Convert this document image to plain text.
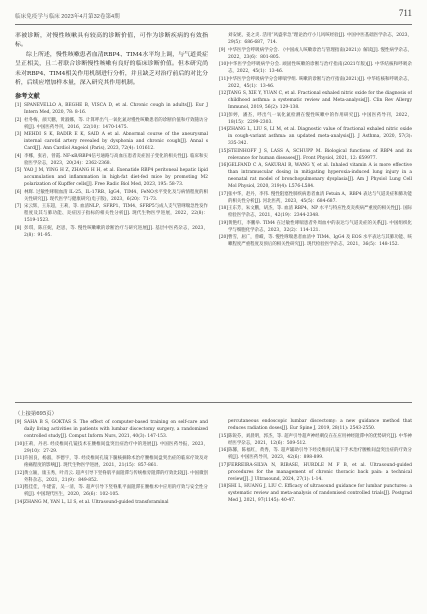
临床免疫学与临床 2023年4月第32卷第4期	711

率被诊断，对慢性咳嗽具有较高的诊断价值，可作为诊断疾病的有效指标。

综上所述，慢性咳嗽患者血清RBP4、TIM4水平均上调，与气道炎症呈正相关，且二者联合诊断慢性咳嗽有良好的临床诊断价值。但本研究尚未对RBP4、TIM4相关作用机制进行分析，并且缺乏对治疗前后的对比分析，后续应增加样本量，深入研究其作用机制。

参考文献

[1] SPANEVELLO A, BEGHE B, VISCA D, et al. Chronic cough in adults[J]. Eur J Intern Med, 2020, 78: 8-16.

[2] 杜冬梅，颜天鹏，黄淑娜，等. 计算呼出气一氧化氮对慢性咳嗽患者的诊断价值和疗效随访分析[J]. 中国医药导刊，2016，22(10)：1470-1475.

[3] MEHDI S K, BADIR E K, SAID A et al. Abnormal course of the aneurysmal internal carotid artery revealed by dysphonia and chronic cough[J]. Annal s Card[J]. Ann Cardiol Angeiol (Paris), 2023, 72(4): 101612.

[4] 李娜，张岩，曾霞. NF-κB/RBP4信号通路与高血压患者炎症因子变化的相关性[J]. 临床和实验医学杂志，2023，20(24)：2362-2368.

[5] YAO J M, YING H Z, ZHANG H H, et al. Exenatide RBP4 peritoneal hepatic lipid accumulation and inflammation in high-fat diet-fed mice by promoting M2 polarization of Kupffer cells[J]. Free Radic Biol Med, 2023, 195: 58-73.

[6] 林辉. 过敏性哮喘血清 IL-25、IL-17RB、IgG4、TIM4、FeNO水平变化及与病情程度的相关性研究[J]. 现代医学与健康研究(电子版)，2023，6(20)：71-73.

[7] 宋云辉，王东超，王莉，等. 血清NLP、SFRP1、TIM4、SFRP5与成人支气管哮喘急性发作程度及其与肺功能、炎症因子指标的相关性分析[J]. 现代生物医学进展，2022，22(8)：1519-1523.

[8] 彭琪，陈庄妮，赵思，等. 慢性咳嗽嗽的诊断治疗与研究进展[J]. 基层中医药杂志，2023，2(8)：91-95.

刘安妮，姜之炎. 活用“风盛挛急”理论治疗小儿风咳经验[J]. 中国中医基础医学杂志，2023，29(5)：686-687，714.

[9] 中华医学会呼吸病学分会. 《中国成人咳嗽诊治与管理指南(2021)》解读[J]. 慢性病学杂志，2022，23(6)：801-805.

[10]中华医学会呼吸病学分会. 顽固性咳嗽的诊断与治疗指南(2021年版)[J]. 中华结核和呼吸杂志，2022，45(1)：13-46.

[11]中华医学会呼吸病学分会哮喘学组. 咳嗽的诊断与治疗指南(2021)[J]. 中华结核和呼吸杂志，2022，45(1)：13-46.

[12]TANG S, XIE Y, YUAN C, et al. Fractional exhaled nitric oxide for the diagnosis of childhood asthma: a systematic review and Meta-analysis[J]. Clin Rev Allergy Immunol, 2019, 56(2): 129-138.

[13]彭婷，潘杰，呼出气一氧化氮检测在慢性咳嗽中的作用研究[J]. 中国医药导刊，2022，18(15)：2299-2303.

[14]ZHANG L, LIU S, LI M, et al. Diagnostic value of fractional exhaled nitric oxide in cough-variant asthma: an updated meta-analysis[J]. J Asthma, 2020, 57(3): 335-342.

[15]STEINHOFF J S, LASS A, SCHUPP M. Biological functions of RBP4 and its relevance for human diseases[J]. Front Physiol, 2021, 12: 659977.

[16]GELFAND C A, SAKURAI R, WANG Y, et al. Inhaled vitamin A is more effective than intramuscular dosing in mitigating hyperoxia-induced lung injury in a neonatal rat model of bronchopulmonary dysplasia[J]. Am J Physiol Lung Cell Mol Physiol, 2020, 319(4): L576-L584.

[17]张中华，赵丹，李伟. 慢性阻塞性肺疾病患者血清 Fetuin A、RBP4 表达与气道炎症和肺功能的相关性分析[J]. 河北医药，2023，45(5)：684-687.

[18]王东芳，朱文鹏，胡杰，等. 血清 RBP4、NP 水平与特应性皮炎疾病严重度的相关性[J]. 国际检验医学杂志，2021，42(19)：2344-2348.

[19]黄艳红，李鹏举. TIM4 在过敏性哮喘患者外周血中的表达与气道炎症的关系[J]. 中国组织化学与细胞化学杂志，2023，32(2)：114-121.

[20]曹雪，屈广，曾嵘，等. 慢性哮喘患者血清中 TIM4、IgG4 及 EOS 水平表达与其肺功能、咳嗽程度严重程度及预后的相关性研究[J]. 现代检验医学杂志，2021，36(5)：148-152.

（上接第695页）

[9] SAHA B S, GOKTAS S. The effect of computer-based training on self-care and daily living activities in patients with lumbar discectomy surgery, a randomized controlled study[J]. Comput Inform Nurs, 2021, 40(3): 147-153.

[10]庄莉，丹君. 经皮椎间孔镜技术在腰椎间盘突出症治疗中的进展[J]. 中国医药导报，2023，29(10)：27-29.

[11]许国良，杨淑，李德宇，等. 经皮椎间孔镜下髓核摘除术治疗腰椎间盘突出症的临床疗效及对疼痛程度的影响[J]. 现代生物医学进展，2021，21(15)：857-861.

[12]黄立颖，康玉秀，叶肖云. 超声引导下竖脊肌平面阻滞与传统椎旁阻滞的疗效比较[J]. 中国微创外科杂志，2021，21(9)：849-852.

[13]程佳佳，牛建雷，吴一清，等. 超声引导下竖脊肌平面阻滞在腰椎术中应用的疗效与安全性分析[J]. 中国现代医生，2020，26(6)：102-105.

[14]ZHANG M, YAN L, LI S, et al. Ultrasound-guided transforaminal

percutaneous endoscopic lumbar discectomy: a new guidance method that reduces radiation doses[J]. Eur Spine J, 2019, 28(11): 2543-2550.

[15]陈锐芬，刘晨明，郭杰，等. 超声引导超声神经刺仪在在应用神经阻滞中的优势研究[J]. 中华神经医学杂志，2021，12(6)：509-512.

[16]陈馨，陈福红，黄秀，等. 超声辅助引导下经皮椎间孔镜下手术治疗腰椎间盘突出症的疗效分析[J]. 中国医药导刊，2023，42(6)：898-899.

[17]FERREIRA-SILVA N, RIBASE, HURDLE M F B, et al. Ultrasound-guided procedures for the management of chronic thoracic back pain: a technical review[J]. J Ultrasound, 2024, 27(1): 1-14.

[18]SHI L, HUANG J, LIU C. Efficacy of ultrasound guidance for lumbar punctures: a systematic review and meta-analysis of randomised controlled trials[J]. Postgrad Med J, 2021, 97(1145): 40-47.
